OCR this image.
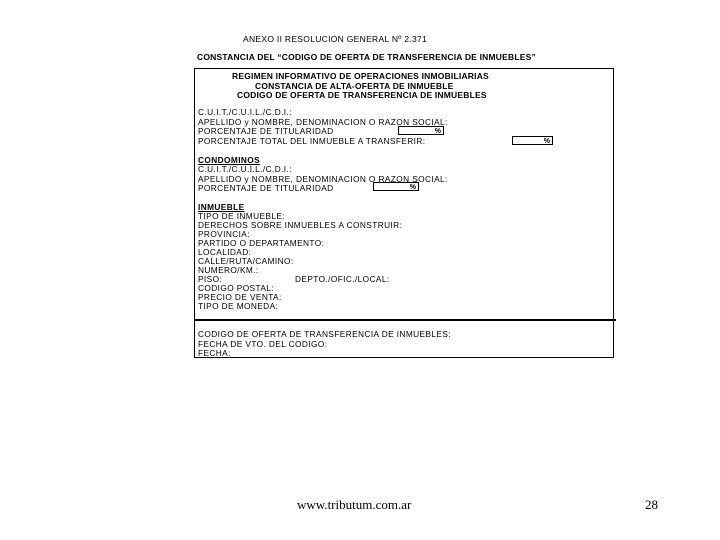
ANEXO II RESOLUCION GENERAL Nº 2.371
CONSTANCIA DEL “CODIGO DE OFERTA DE TRANSFERENCIA DE INMUEBLES”
REGIMEN INFORMATIVO DE OPERACIONES INMOBILIARIAS
CONSTANCIA DE ALTA-OFERTA DE INMUEBLE
CODIGO DE OFERTA DE TRANSFERENCIA DE INMUEBLES
C.U.I.T./C.U.I.L./C.D.I.:
APELLIDO y NOMBRE, DENOMINACION O RAZON SOCIAL:
PORCENTAJE DE TITULARIDAD	%
PORCENTAJE TOTAL DEL INMUEBLE A TRANSFERIR:	%
CONDOMINOS
C.U.I.T./C.U.I.L./C.D.I.:
APELLIDO y NOMBRE, DENOMINACION O RAZON SOCIAL:
PORCENTAJE DE TITULARIDAD	%
INMUEBLE
TIPO DE INMUEBLE:
DERECHOS SOBRE INMUEBLES A CONSTRUIR:
PROVINCIA:
PARTIDO O DEPARTAMENTO:
LOCALIDAD:
CALLE/RUTA/CAMINO:
NUMERO/KM.:
PISO:	DEPTO./OFIC./LOCAL:
CODIGO POSTAL:
PRECIO DE VENTA:
TIPO DE MONEDA:
CODIGO DE OFERTA DE TRANSFERENCIA DE INMUEBLES:
FECHA DE VTO. DEL CODIGO:
FECHA:
www.tributum.com.ar	28
